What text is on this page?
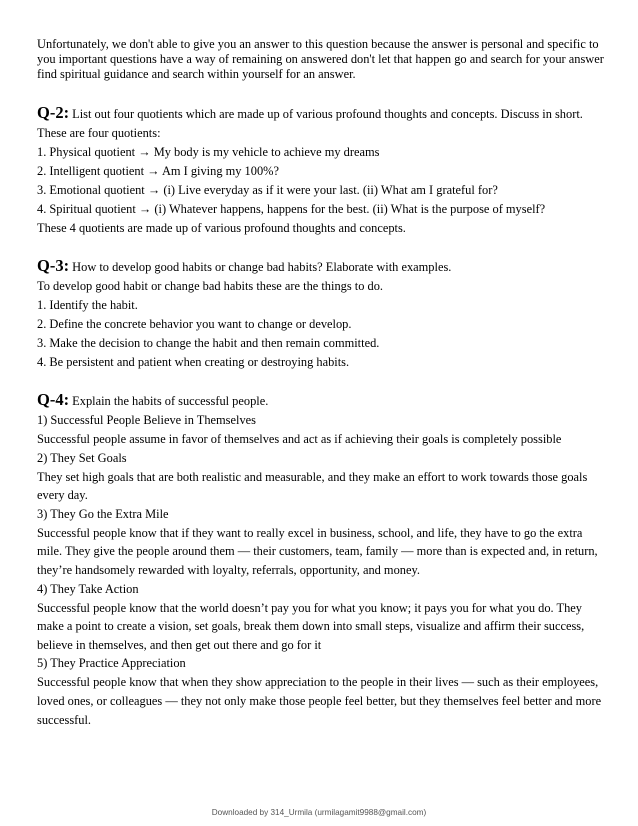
Unfortunately, we don't able to give you an answer to this question because the answer is personal and specific to you important questions have a way of remaining on answered don't let that happen go and search for your answer find spiritual guidance and search within yourself for an answer.

Q-2: List out four quotients which are made up of various profound thoughts and concepts. Discuss in short.

These are four quotients:

1. Physical quotient → My body is my vehicle to achieve my dreams

2. Intelligent quotient → Am I giving my 100%?

3. Emotional quotient → (i) Live everyday as if it were your last. (ii) What am I grateful for?

4. Spiritual quotient → (i) Whatever happens, happens for the best. (ii) What is the purpose of myself?

These 4 quotients are made up of various profound thoughts and concepts.

Q-3: How to develop good habits or change bad habits? Elaborate with examples.

To develop good habit or change bad habits these are the things to do.

1. Identify the habit.

2. Define the concrete behavior you want to change or develop.

3. Make the decision to change the habit and then remain committed.

4. Be persistent and patient when creating or destroying habits.

Q-4: Explain the habits of successful people.

1) Successful People Believe in Themselves

Successful people assume in favor of themselves and act as if achieving their goals is completely possible

2) They Set Goals

They set high goals that are both realistic and measurable, and they make an effort to work towards those goals every day.

3) They Go the Extra Mile

Successful people know that if they want to really excel in business, school, and life, they have to go the extra mile. They give the people around them — their customers, team, family — more than is expected and, in return, they’re handsomely rewarded with loyalty, referrals, opportunity, and money.

4) They Take Action

Successful people know that the world doesn’t pay you for what you know; it pays you for what you do. They make a point to create a vision, set goals, break them down into small steps, visualize and affirm their success, believe in themselves, and then get out there and go for it

5) They Practice Appreciation

Successful people know that when they show appreciation to the people in their lives — such as their employees, loved ones, or colleagues — they not only make those people feel better, but they themselves feel better and more successful.

Downloaded by 314_Urmila (urmilagamit9988@gmail.com)
